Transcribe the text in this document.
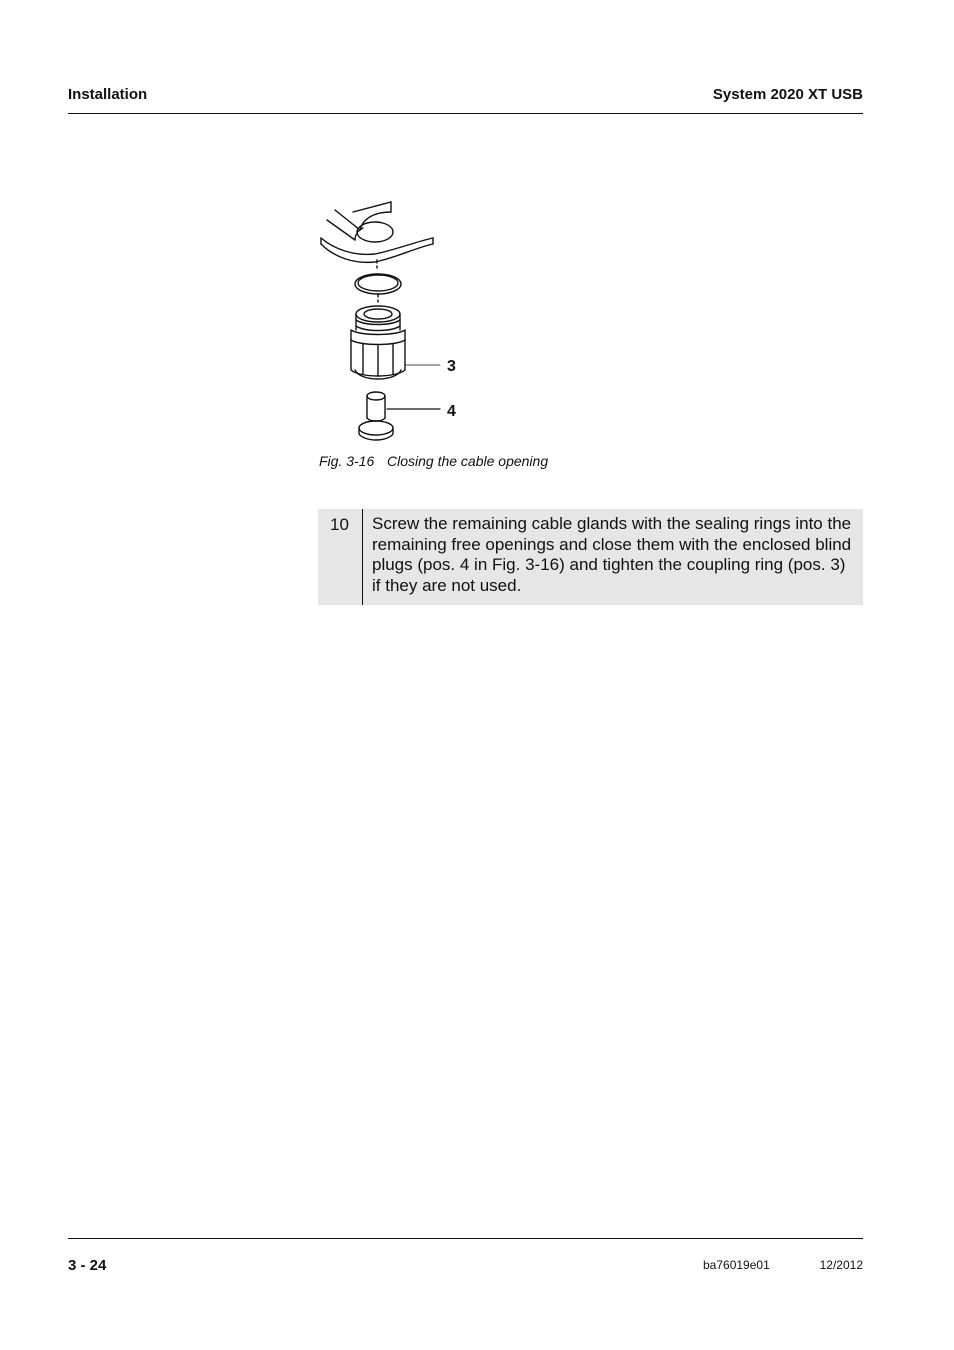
Installation	System 2020 XT USB
3
4
Fig. 3-16 Closing the cable opening
10	Screw the remaining cable glands with the sealing rings into the remaining free openings and close them with the enclosed blind plugs (pos. 4 in Fig. 3-16) and tighten the coupling ring (pos. 3) if they are not used.
3 - 24	ba76019e01	12/2012
